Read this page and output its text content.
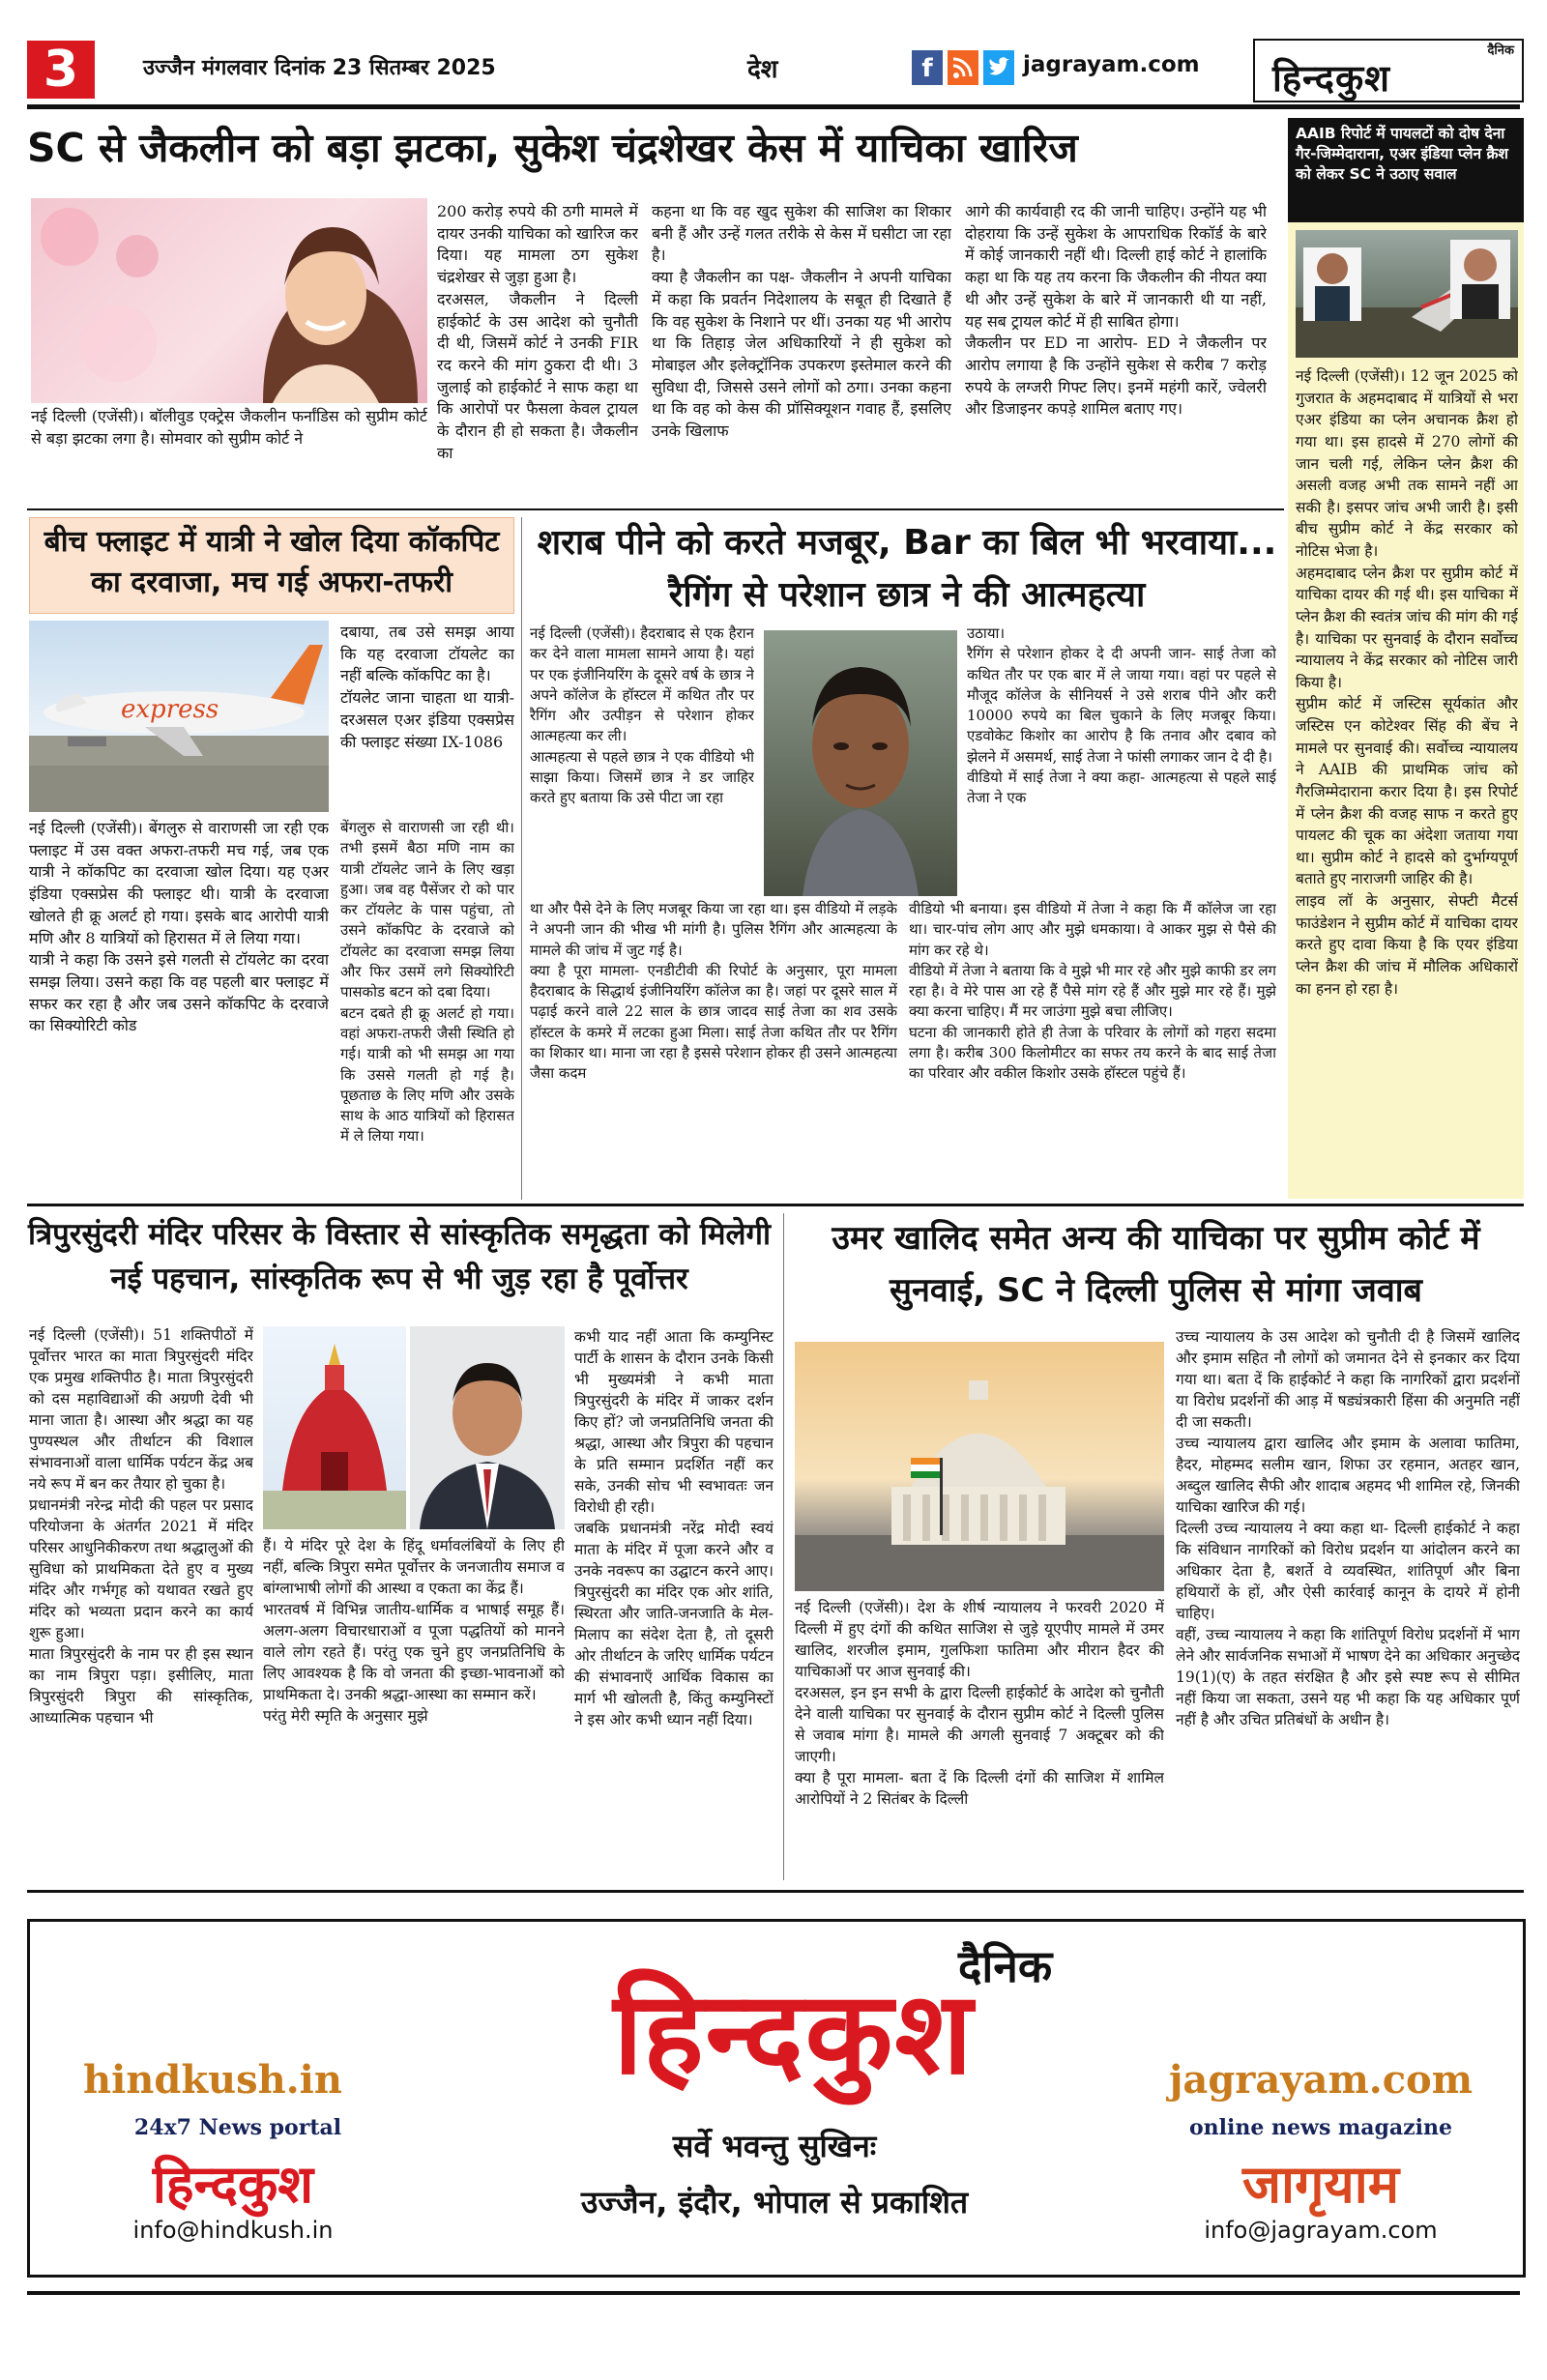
3	उज्जैन मंगलवार दिनांक 23 सितम्बर 2025	देश	f	jagrayam.com
दैनिक
हिन्दकुश
SC से जैकलीन को बड़ा झटका, सुकेश चंद्रशेखर केस में याचिका खारिज
नई दिल्ली (एजेंसी)। बॉलीवुड एक्ट्रेस जैकलीन फर्नांडिस को सुप्रीम कोर्ट से बड़ा झटका लगा है। सोमवार को सुप्रीम कोर्ट ने
200 करोड़ रुपये की ठगी मामले में दायर उनकी याचिका को खारिज कर दिया। यह मामला ठग सुकेश चंद्रशेखर से जुड़ा हुआ है।
दरअसल, जैकलीन ने दिल्ली हाईकोर्ट के उस आदेश को चुनौती दी थी, जिसमें कोर्ट ने उनकी FIR रद करने की मांग ठुकरा दी थी। 3 जुलाई को हाईकोर्ट ने साफ कहा था कि आरोपों पर फैसला केवल ट्रायल के दौरान ही हो सकता है। जैकलीन का
कहना था कि वह खुद सुकेश की साजिश का शिकार बनी हैं और उन्हें गलत तरीके से केस में घसीटा जा रहा है।
क्या है जैकलीन का पक्ष- जैकलीन ने अपनी याचिका में कहा कि प्रवर्तन निदेशालय के सबूत ही दिखाते हैं कि वह सुकेश के निशाने पर थीं। उनका यह भी आरोप था कि तिहाड़ जेल अधिकारियों ने ही सुकेश को मोबाइल और इलेक्ट्रॉनिक उपकरण इस्तेमाल करने की सुविधा दी, जिससे उसने लोगों को ठगा। उनका कहना था कि वह को केस की प्रॉसिक्यूशन गवाह हैं, इसलिए उनके खिलाफ
आगे की कार्यवाही रद की जानी चाहिए। उन्होंने यह भी दोहराया कि उन्हें सुकेश के आपराधिक रिकॉर्ड के बारे में कोई जानकारी नहीं थी। दिल्ली हाई कोर्ट ने हालांकि कहा था कि यह तय करना कि जैकलीन की नीयत क्या थी और उन्हें सुकेश के बारे में जानकारी थी या नहीं, यह सब ट्रायल कोर्ट में ही साबित होगा।
जैकलीन पर ED ना आरोप- ED ने जैकलीन पर आरोप लगाया है कि उन्होंने सुकेश से करीब 7 करोड़ रुपये के लग्जरी गिफ्ट लिए। इनमें महंगी कारें, ज्वेलरी और डिजाइनर कपड़े शामिल बताए गए।
AAIB रिपोर्ट में पायलटों को दोष देना गैर-जिम्मेदाराना, एअर इंडिया प्लेन क्रैश को लेकर SC ने उठाए सवाल
नई दिल्ली (एजेंसी)। 12 जून 2025 को गुजरात के अहमदाबाद में यात्रियों से भरा एअर इंडिया का प्लेन अचानक क्रैश हो गया था। इस हादसे में 270 लोगों की जान चली गई, लेकिन प्लेन क्रैश की असली वजह अभी तक सामने नहीं आ सकी है। इसपर जांच अभी जारी है। इसी बीच सुप्रीम कोर्ट ने केंद्र सरकार को नोटिस भेजा है।
अहमदाबाद प्लेन क्रैश पर सुप्रीम कोर्ट में याचिका दायर की गई थी। इस याचिका में प्लेन क्रैश की स्वतंत्र जांच की मांग की गई है। याचिका पर सुनवाई के दौरान सर्वोच्च न्यायालय ने केंद्र सरकार को नोटिस जारी किया है।
सुप्रीम कोर्ट में जस्टिस सूर्यकांत और जस्टिस एन कोटेश्वर सिंह की बेंच ने मामले पर सुनवाई की। सर्वोच्च न्यायालय ने AAIB की प्राथमिक जांच को गैरजिम्मेदाराना करार दिया है। इस रिपोर्ट में प्लेन क्रैश की वजह साफ न करते हुए पायलट की चूक का अंदेशा जताया गया था। सुप्रीम कोर्ट ने हादसे को दुर्भाग्यपूर्ण बताते हुए नाराजगी जाहिर की है।
लाइव लॉ के अनुसार, सेफ्टी मैटर्स फाउंडेशन ने सुप्रीम कोर्ट में याचिका दायर करते हुए दावा किया है कि एयर इंडिया प्लेन क्रैश की जांच में मौलिक अधिकारों का हनन हो रहा है।
बीच फ्लाइट में यात्री ने खोल दिया कॉकपिट का दरवाजा, मच गई अफरा-तफरी
express
दबाया, तब उसे समझ आया कि यह दरवाजा टॉयलेट का नहीं बल्कि कॉकपिट का है।
टॉयलेट जाना चाहता था यात्री- दरअसल एअर इंडिया एक्सप्रेस की फ्लाइट संख्या IX-1086
नई दिल्ली (एजेंसी)। बेंगलुरु से वाराणसी जा रही एक फ्लाइट में उस वक्त अफरा-तफरी मच गई, जब एक यात्री ने कॉकपिट का दरवाजा खोल दिया। यह एअर इंडिया एक्सप्रेस की फ्लाइट थी। यात्री के दरवाजा खोलते ही क्रू अलर्ट हो गया। इसके बाद आरोपी यात्री मणि और 8 यात्रियों को हिरासत में ले लिया गया।
यात्री ने कहा कि उसने इसे गलती से टॉयलेट का दरवा समझ लिया। उसने कहा कि वह पहली बार फ्लाइट में सफर कर रहा है और जब उसने कॉकपिट के दरवाजे का सिक्योरिटी कोड
बेंगलुरु से वाराणसी जा रही थी। तभी इसमें बैठा मणि नाम का यात्री टॉयलेट जाने के लिए खड़ा हुआ। जब वह पैसेंजर रो को पार कर टॉयलेट के पास पहुंचा, तो उसने कॉकपिट के दरवाजे को टॉयलेट का दरवाजा समझ लिया और फिर उसमें लगे सिक्योरिटी पासकोड बटन को दबा दिया।
बटन दबते ही क्रू अलर्ट हो गया। वहां अफरा-तफरी जैसी स्थिति हो गई। यात्री को भी समझ आ गया कि उससे गलती हो गई है। पूछताछ के लिए मणि और उसके साथ के आठ यात्रियों को हिरासत में ले लिया गया।
शराब पीने को करते मजबूर, Bar का बिल भी भरवाया... रैगिंग से परेशान छात्र ने की आत्महत्या
नई दिल्ली (एजेंसी)। हैदराबाद से एक हैरान कर देने वाला मामला सामने आया है। यहां पर एक इंजीनियरिंग के दूसरे वर्ष के छात्र ने अपने कॉलेज के हॉस्टल में कथित तौर पर रैगिंग और उत्पीड़न से परेशान होकर आत्महत्या कर ली।
आत्महत्या से पहले छात्र ने एक वीडियो भी साझा किया। जिसमें छात्र ने डर जाहिर करते हुए बताया कि उसे पीटा जा रहा
उठाया।
रैगिंग से परेशान होकर दे दी अपनी जान- साई तेजा को कथित तौर पर एक बार में ले जाया गया। वहां पर पहले से मौजूद कॉलेज के सीनियर्स ने उसे शराब पीने और करी 10000 रुपये का बिल चुकाने के लिए मजबूर किया। एडवोकेट किशोर का आरोप है कि तनाव और दबाव को झेलने में असमर्थ, साई तेजा ने फांसी लगाकर जान दे दी है।
वीडियो में साई तेजा ने क्या कहा- आत्महत्या से पहले साई तेजा ने एक
था और पैसे देने के लिए मजबूर किया जा रहा था। इस वीडियो में लड़के ने अपनी जान की भीख भी मांगी है। पुलिस रैगिंग और आत्महत्या के मामले की जांच में जुट गई है।
क्या है पूरा मामला- एनडीटीवी की रिपोर्ट के अनुसार, पूरा मामला हैदराबाद के सिद्धार्थ इंजीनियरिंग कॉलेज का है। जहां पर दूसरे साल में पढ़ाई करने वाले 22 साल के छात्र जादव साई तेजा का शव उसके हॉस्टल के कमरे में लटका हुआ मिला। साई तेजा कथित तौर पर रैगिंग का शिकार था। माना जा रहा है इससे परेशान होकर ही उसने आत्महत्या जैसा कदम
वीडियो भी बनाया। इस वीडियो में तेजा ने कहा कि मैं कॉलेज जा रहा था। चार-पांच लोग आए और मुझे धमकाया। वे आकर मुझ से पैसे की मांग कर रहे थे।
वीडियो में तेजा ने बताया कि वे मुझे भी मार रहे और मुझे काफी डर लग रहा है। वे मेरे पास आ रहे हैं पैसे मांग रहे हैं और मुझे मार रहे हैं। मुझे क्या करना चाहिए। मैं मर जाउंगा मुझे बचा लीजिए।
घटना की जानकारी होते ही तेजा के परिवार के लोगों को गहरा सदमा लगा है। करीब 300 किलोमीटर का सफर तय करने के बाद साई तेजा का परिवार और वकील किशोर उसके हॉस्टल पहुंचे हैं।
त्रिपुरसुंदरी मंदिर परिसर के विस्तार से सांस्कृतिक समृद्धता को मिलेगी नई पहचान, सांस्कृतिक रूप से भी जुड़ रहा है पूर्वोत्तर
नई दिल्ली (एजेंसी)। 51 शक्तिपीठों में पूर्वोत्तर भारत का माता त्रिपुरसुंदरी मंदिर एक प्रमुख शक्तिपीठ है। माता त्रिपुरसुंदरी को दस महाविद्याओं की अग्रणी देवी भी माना जाता है। आस्था और श्रद्धा का यह पुण्यस्थल और तीर्थाटन की विशाल संभावनाओं वाला धार्मिक पर्यटन केंद्र अब नये रूप में बन कर तैयार हो चुका है।
प्रधानमंत्री नरेन्द्र मोदी की पहल पर प्रसाद परियोजना के अंतर्गत 2021 में मंदिर परिसर आधुनिकीकरण तथा श्रद्धालुओं की सुविधा को प्राथमिकता देते हुए व मुख्य मंदिर और गर्भगृह को यथावत रखते हुए मंदिर को भव्यता प्रदान करने का कार्य शुरू हुआ।
माता त्रिपुरसुंदरी के नाम पर ही इस स्थान का नाम त्रिपुरा पड़ा। इसीलिए, माता त्रिपुरसुंदरी त्रिपुरा की सांस्कृतिक, आध्यात्मिक पहचान भी
हैं। ये मंदिर पूरे देश के हिंदू धर्मावलंबियों के लिए ही नहीं, बल्कि त्रिपुरा समेत पूर्वोत्तर के जनजातीय समाज व बांग्लाभाषी लोगों की आस्था व एकता का केंद्र हैं।
भारतवर्ष में विभिन्न जातीय-धार्मिक व भाषाई समूह हैं। अलग-अलग विचारधाराओं व पूजा पद्धतियों को मानने वाले लोग रहते हैं। परंतु एक चुने हुए जनप्रतिनिधि के लिए आवश्यक है कि वो जनता की इच्छा-भावनाओं को प्राथमिकता दे। उनकी श्रद्धा-आस्था का सम्मान करें।
परंतु मेरी स्मृति के अनुसार मुझे
कभी याद नहीं आता कि कम्युनिस्ट पार्टी के शासन के दौरान उनके किसी भी मुख्यमंत्री ने कभी माता त्रिपुरसुंदरी के मंदिर में जाकर दर्शन किए हों? जो जनप्रतिनिधि जनता की श्रद्धा, आस्था और त्रिपुरा की पहचान के प्रति सम्मान प्रदर्शित नहीं कर सके, उनकी सोच भी स्वभावतः जन विरोधी ही रही।
जबकि प्रधानमंत्री नरेंद्र मोदी स्वयं माता के मंदिर में पूजा करने और व उनके नवरूप का उद्घाटन करने आए। त्रिपुरसुंदरी का मंदिर एक ओर शांति, स्थिरता और जाति-जनजाति के मेल-मिलाप का संदेश देता है, तो दूसरी ओर तीर्थाटन के जरिए धार्मिक पर्यटन की संभावनाएँ आर्थिक विकास का मार्ग भी खोलती है, किंतु कम्युनिस्टों ने इस ओर कभी ध्यान नहीं दिया।
उमर खालिद समेत अन्य की याचिका पर सुप्रीम कोर्ट में सुनवाई, SC ने दिल्ली पुलिस से मांगा जवाब
उच्च न्यायालय के उस आदेश को चुनौती दी है जिसमें खालिद और इमाम सहित नौ लोगों को जमानत देने से इनकार कर दिया गया था। बता दें कि हाईकोर्ट ने कहा कि नागरिकों द्वारा प्रदर्शनों या विरोध प्रदर्शनों की आड़ में षड्यंत्रकारी हिंसा की अनुमति नहीं दी जा सकती।
उच्च न्यायालय द्वारा खालिद और इमाम के अलावा फातिमा, हैदर, मोहम्मद सलीम खान, शिफा उर रहमान, अतहर खान, अब्दुल खालिद सैफी और शादाब अहमद भी शामिल रहे, जिनकी याचिका खारिज की गई।
दिल्ली उच्च न्यायालय ने क्या कहा था- दिल्ली हाईकोर्ट ने कहा कि संविधान नागरिकों को विरोध प्रदर्शन या आंदोलन करने का अधिकार देता है, बशर्ते वे व्यवस्थित, शांतिपूर्ण और बिना हथियारों के हों, और ऐसी कार्रवाई कानून के दायरे में होनी चाहिए।
वहीं, उच्च न्यायालय ने कहा कि शांतिपूर्ण विरोध प्रदर्शनों में भाग लेने और सार्वजनिक सभाओं में भाषण देने का अधिकार अनुच्छेद 19(1)(ए) के तहत संरक्षित है और इसे स्पष्ट रूप से सीमित नहीं किया जा सकता, उसने यह भी कहा कि यह अधिकार पूर्ण नहीं है और उचित प्रतिबंधों के अधीन है।
नई दिल्ली (एजेंसी)। देश के शीर्ष न्यायालय ने फरवरी 2020 में दिल्ली में हुए दंगों की कथित साजिश से जुड़े यूएपीए मामले में उमर खालिद, शरजील इमाम, गुलफिशा फातिमा और मीरान हैदर की याचिकाओं पर आज सुनवाई की।
दरअसल, इन इन सभी के द्वारा दिल्ली हाईकोर्ट के आदेश को चुनौती देने वाली याचिका पर सुनवाई के दौरान सुप्रीम कोर्ट ने दिल्ली पुलिस से जवाब मांगा है। मामले की अगली सुनवाई 7 अक्टूबर को की जाएगी।
क्या है पूरा मामला- बता दें कि दिल्ली दंगों की साजिश में शामिल आरोपियों ने 2 सितंबर के दिल्ली
दैनिक
हिन्दकुश
hindkush.in
24x7 News portal
हिन्दकुश
info@hindkush.in
सर्वे भवन्तु सुखिनः
उज्जैन, इंदौर, भोपाल से प्रकाशित
jagrayam.com
online news magazine
जागृयाम
info@jagrayam.com
